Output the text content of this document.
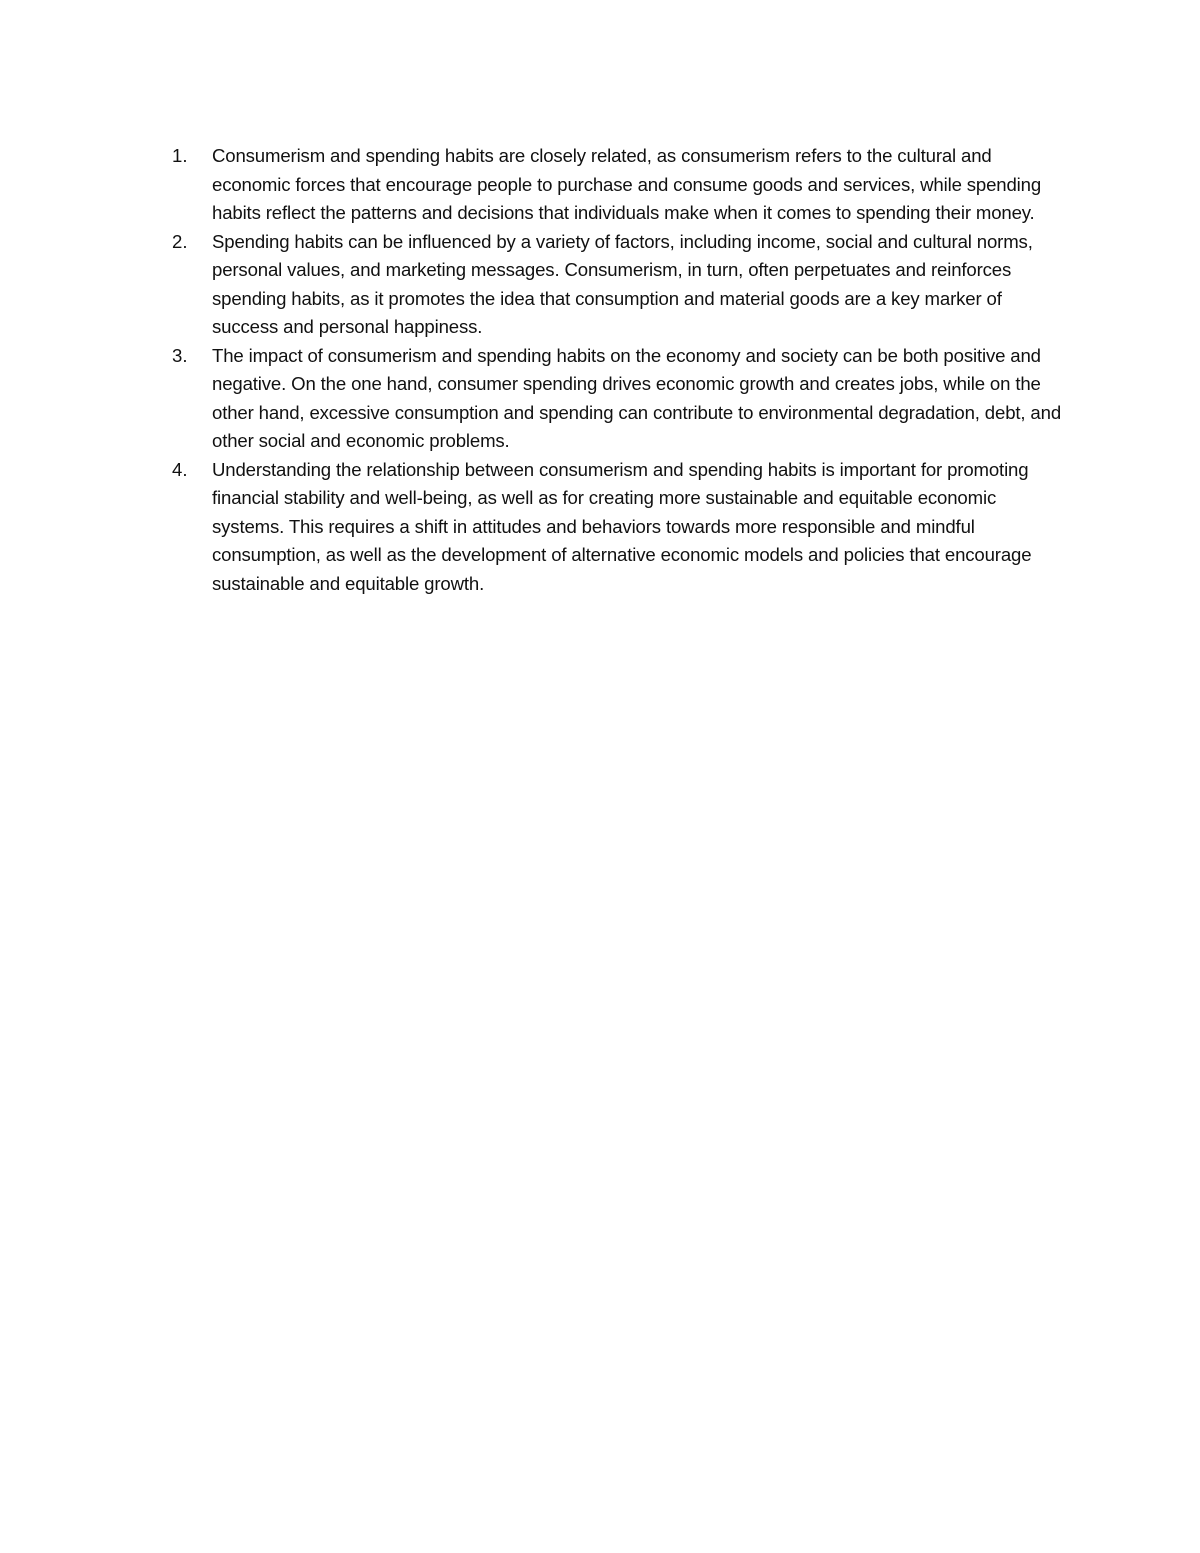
1.	Consumerism and spending habits are closely related, as consumerism refers to the cultural and economic forces that encourage people to purchase and consume goods and services, while spending habits reflect the patterns and decisions that individuals make when it comes to spending their money.
2.	Spending habits can be influenced by a variety of factors, including income, social and cultural norms, personal values, and marketing messages. Consumerism, in turn, often perpetuates and reinforces spending habits, as it promotes the idea that consumption and material goods are a key marker of success and personal happiness.
3.	The impact of consumerism and spending habits on the economy and society can be both positive and negative. On the one hand, consumer spending drives economic growth and creates jobs, while on the other hand, excessive consumption and spending can contribute to environmental degradation, debt, and other social and economic problems.
4.	Understanding the relationship between consumerism and spending habits is important for promoting financial stability and well-being, as well as for creating more sustainable and equitable economic systems. This requires a shift in attitudes and behaviors towards more responsible and mindful consumption, as well as the development of alternative economic models and policies that encourage sustainable and equitable growth.
